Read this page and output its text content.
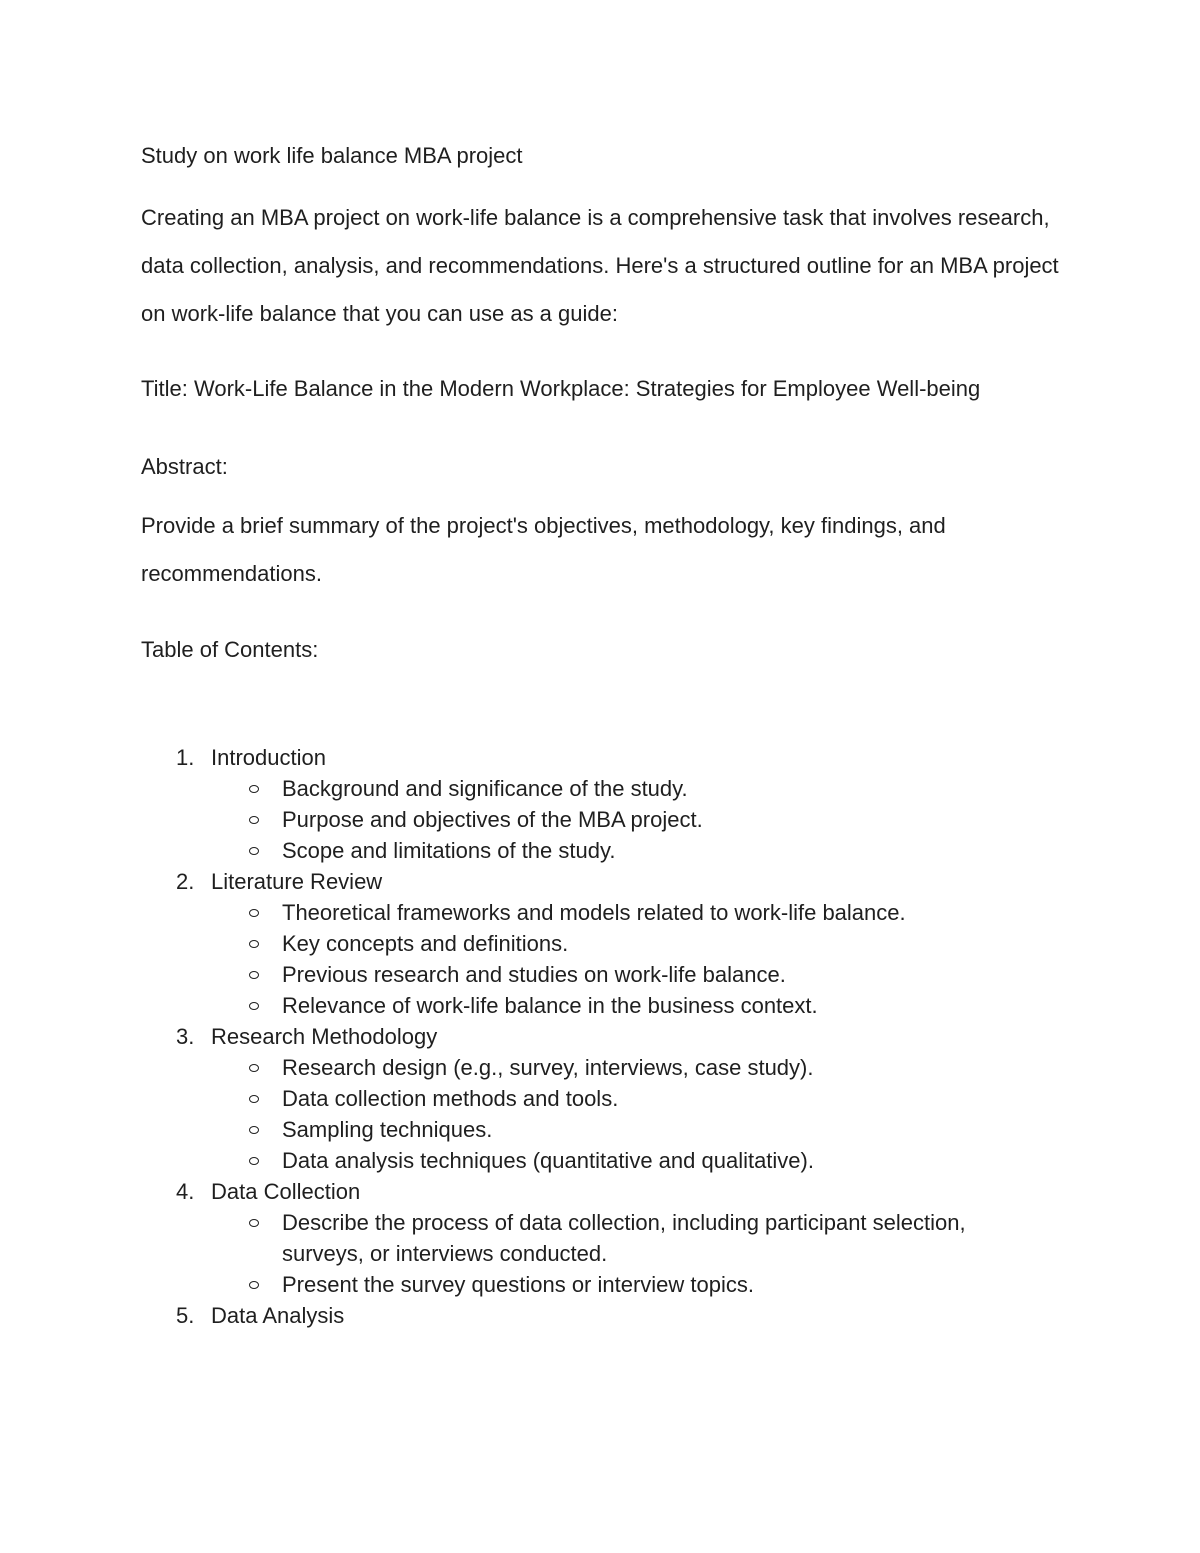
Study on work life balance MBA project

Creating an MBA project on work-life balance is a comprehensive task that involves research, data collection, analysis, and recommendations. Here's a structured outline for an MBA project on work-life balance that you can use as a guide:

Title: Work-Life Balance in the Modern Workplace: Strategies for Employee Well-being

Abstract:

Provide a brief summary of the project's objectives, methodology, key findings, and recommendations.

Table of Contents:

1. Introduction
Background and significance of the study.
Purpose and objectives of the MBA project.
Scope and limitations of the study.
2. Literature Review
Theoretical frameworks and models related to work-life balance.
Key concepts and definitions.
Previous research and studies on work-life balance.
Relevance of work-life balance in the business context.
3. Research Methodology
Research design (e.g., survey, interviews, case study).
Data collection methods and tools.
Sampling techniques.
Data analysis techniques (quantitative and qualitative).
4. Data Collection
Describe the process of data collection, including participant selection, surveys, or interviews conducted.
Present the survey questions or interview topics.
5. Data Analysis
